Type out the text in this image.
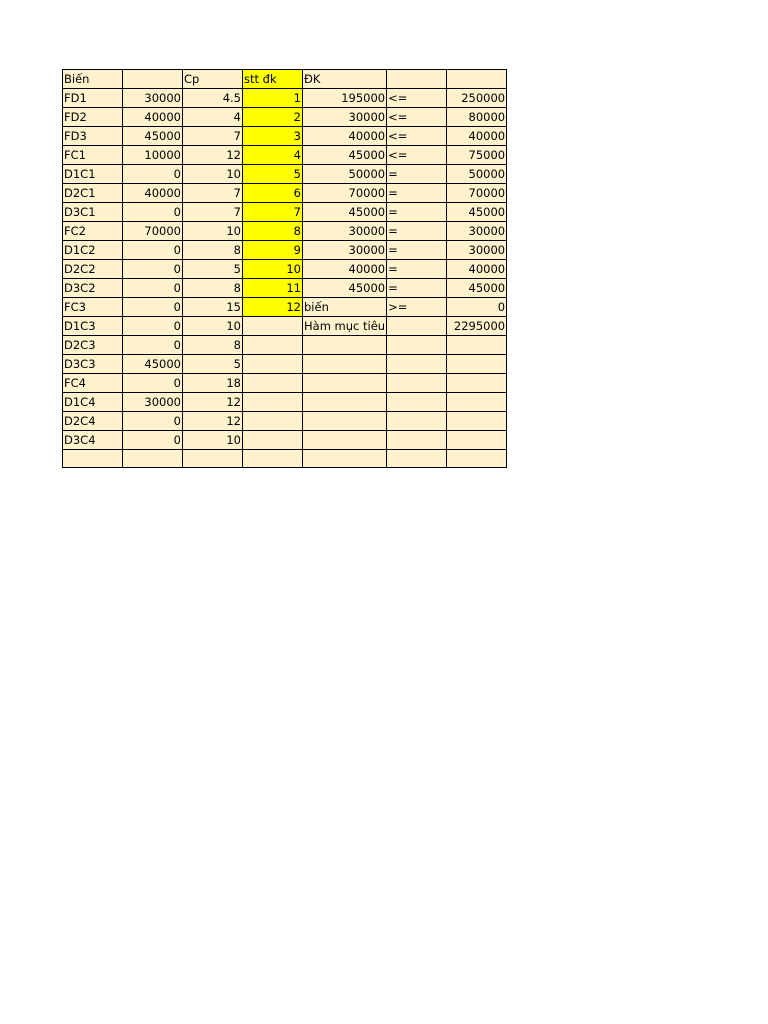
Biến		Cp	stt đk	ĐK		
FD1	30000	4.5	1	195000	<=	250000
FD2	40000	4	2	30000	<=	80000
FD3	45000	7	3	40000	<=	40000
FC1	10000	12	4	45000	<=	75000
D1C1	0	10	5	50000	=	50000
D2C1	40000	7	6	70000	=	70000
D3C1	0	7	7	45000	=	45000
FC2	70000	10	8	30000	=	30000
D1C2	0	8	9	30000	=	30000
D2C2	0	5	10	40000	=	40000
D3C2	0	8	11	45000	=	45000
FC3	0	15	12	biến	>=	0
D1C3	0	10		Hàm mục tiêu		2295000
D2C3	0	8				
D3C3	45000	5				
FC4	0	18				
D1C4	30000	12				
D2C4	0	12				
D3C4	0	10				
